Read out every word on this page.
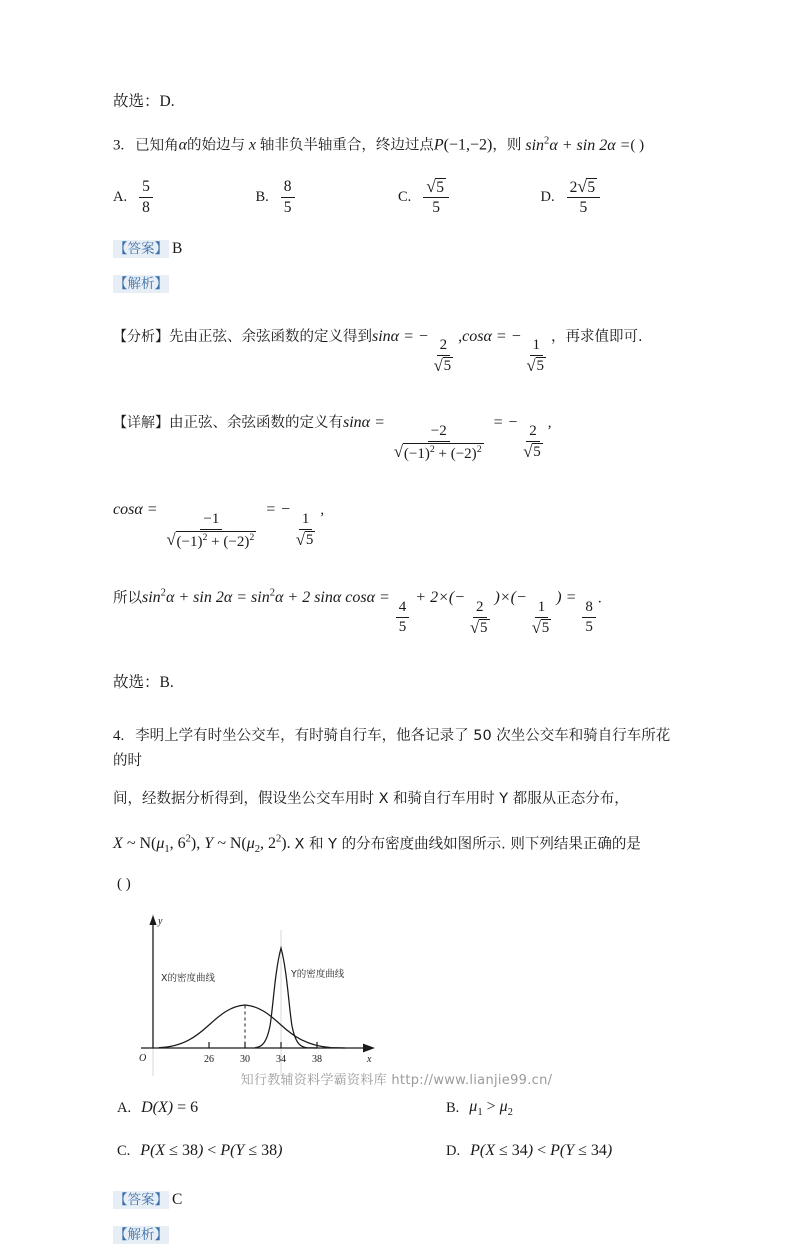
故选：D.
3. 已知角α的始边与 x 轴非负半轴重合，终边过点P(−1,−2)，则 $\sin^2\alpha + \sin 2\alpha$ =( )
A. $\frac{5}{8}$	B. $\frac{8}{5}$	C. √ $\frac{5}{5}$	D. $\frac{2 √ 5}{5}$
【答案】 B
【解析】
【分析】先由正弦、余弦函数的定义得到sinα = −
2
√ 5
,cosα = −
1
√ 5
，再求值即可.
【详解】由正弦、余弦函数的定义有sinα =
−2
√ $(-1)^2 + (-2)^2$
= −
2
√ 5
,
cosα =
−1
√ $(-1)^2 + (-2)^2$
= −
1
√ 5
,
所以$\sin^2\alpha + \sin 2\alpha = \sin^2\alpha + 2$ sinα cosα =
$\frac{4}{5}$
+ 2×(−
2
√ 5
)×(−
1
√ 5
) =
$\frac{8}{5}$
.
故选：B.
4. 李明上学有时坐公交车，有时骑自行车，他各记录了 50 次坐公交车和骑自行车所花的时
间，经数据分析得到，假设坐公交车用时 X 和骑自行车用时 Y 都服从正态分布，
X ~ $N(\mu_1$, $6^2$), Y ~ $N(\mu_2$, $2^2$). X 和 Y 的分布密度曲线如图所示. 则下列结果正确的是
( )
y
x
O	26	30	34	38
X的密度曲线	Y的密度曲线
A. D(X) = 6	B. $\mu_1 > \mu_2$
C. P(X ≤ 38) < P(Y ≤ 38)	D. P(X ≤ 34) < P(Y ≤ 34)
【答案】 C
【解析】
知行教辅资料学霸资料库 http://www.lianjie99.cn/
